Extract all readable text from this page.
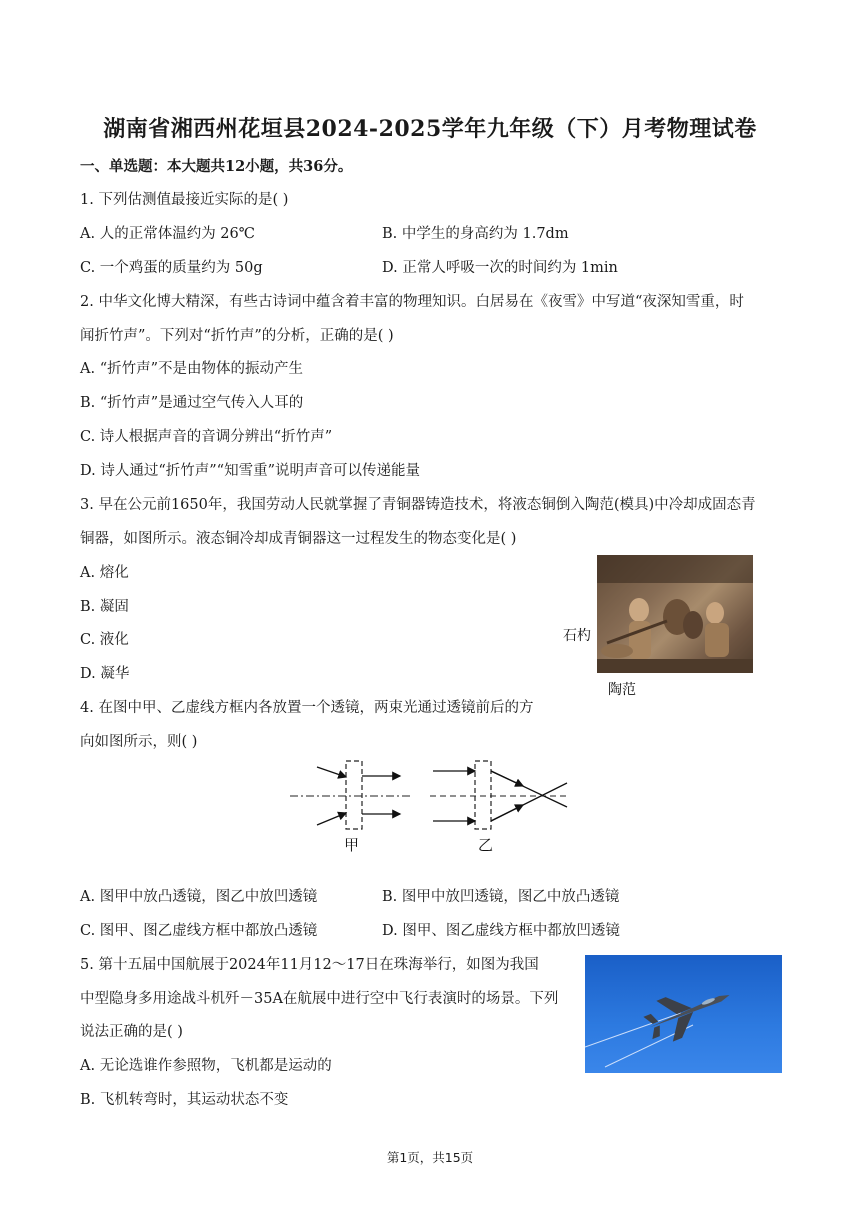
湖南省湘西州花垣县2024-2025学年九年级（下）月考物理试卷
一、单选题：本大题共12小题，共36分。
1. 下列估测值最接近实际的是( )
A. 人的正常体温约为 26℃	B. 中学生的身高约为 1.7dm
C. 一个鸡蛋的质量约为 50g	D. 正常人呼吸一次的时间约为 1min
2. 中华文化博大精深，有些古诗词中蕴含着丰富的物理知识。白居易在《夜雪》中写道“夜深知雪重，时
闻折竹声”。下列对“折竹声”的分析，正确的是( )
A. “折竹声”不是由物体的振动产生
B. “折竹声”是通过空气传入人耳的
C. 诗人根据声音的音调分辨出“折竹声”
D. 诗人通过“折竹声”“知雪重”说明声音可以传递能量
3. 早在公元前1650年，我国劳动人民就掌握了青铜器铸造技术，将液态铜倒入陶范(模具)中冷却成固态青
铜器，如图所示。液态铜冷却成青铜器这一过程发生的物态变化是( )
A. 熔化
B. 凝固
C. 液化
D. 凝华
石杓
陶范
4. 在图中甲、乙虚线方框内各放置一个透镜，两束光通过透镜前后的方
向如图所示，则( )
甲	乙
A. 图甲中放凸透镜，图乙中放凹透镜	B. 图甲中放凹透镜，图乙中放凸透镜
C. 图甲、图乙虚线方框中都放凸透镜	D. 图甲、图乙虚线方框中都放凹透镜
5. 第十五届中国航展于2024年11月12～17日在珠海举行，如图为我国
中型隐身多用途战斗机歼－35A在航展中进行空中飞行表演时的场景。下列
说法正确的是( )
A. 无论选谁作参照物，飞机都是运动的
B. 飞机转弯时，其运动状态不变
第1页，共15页
